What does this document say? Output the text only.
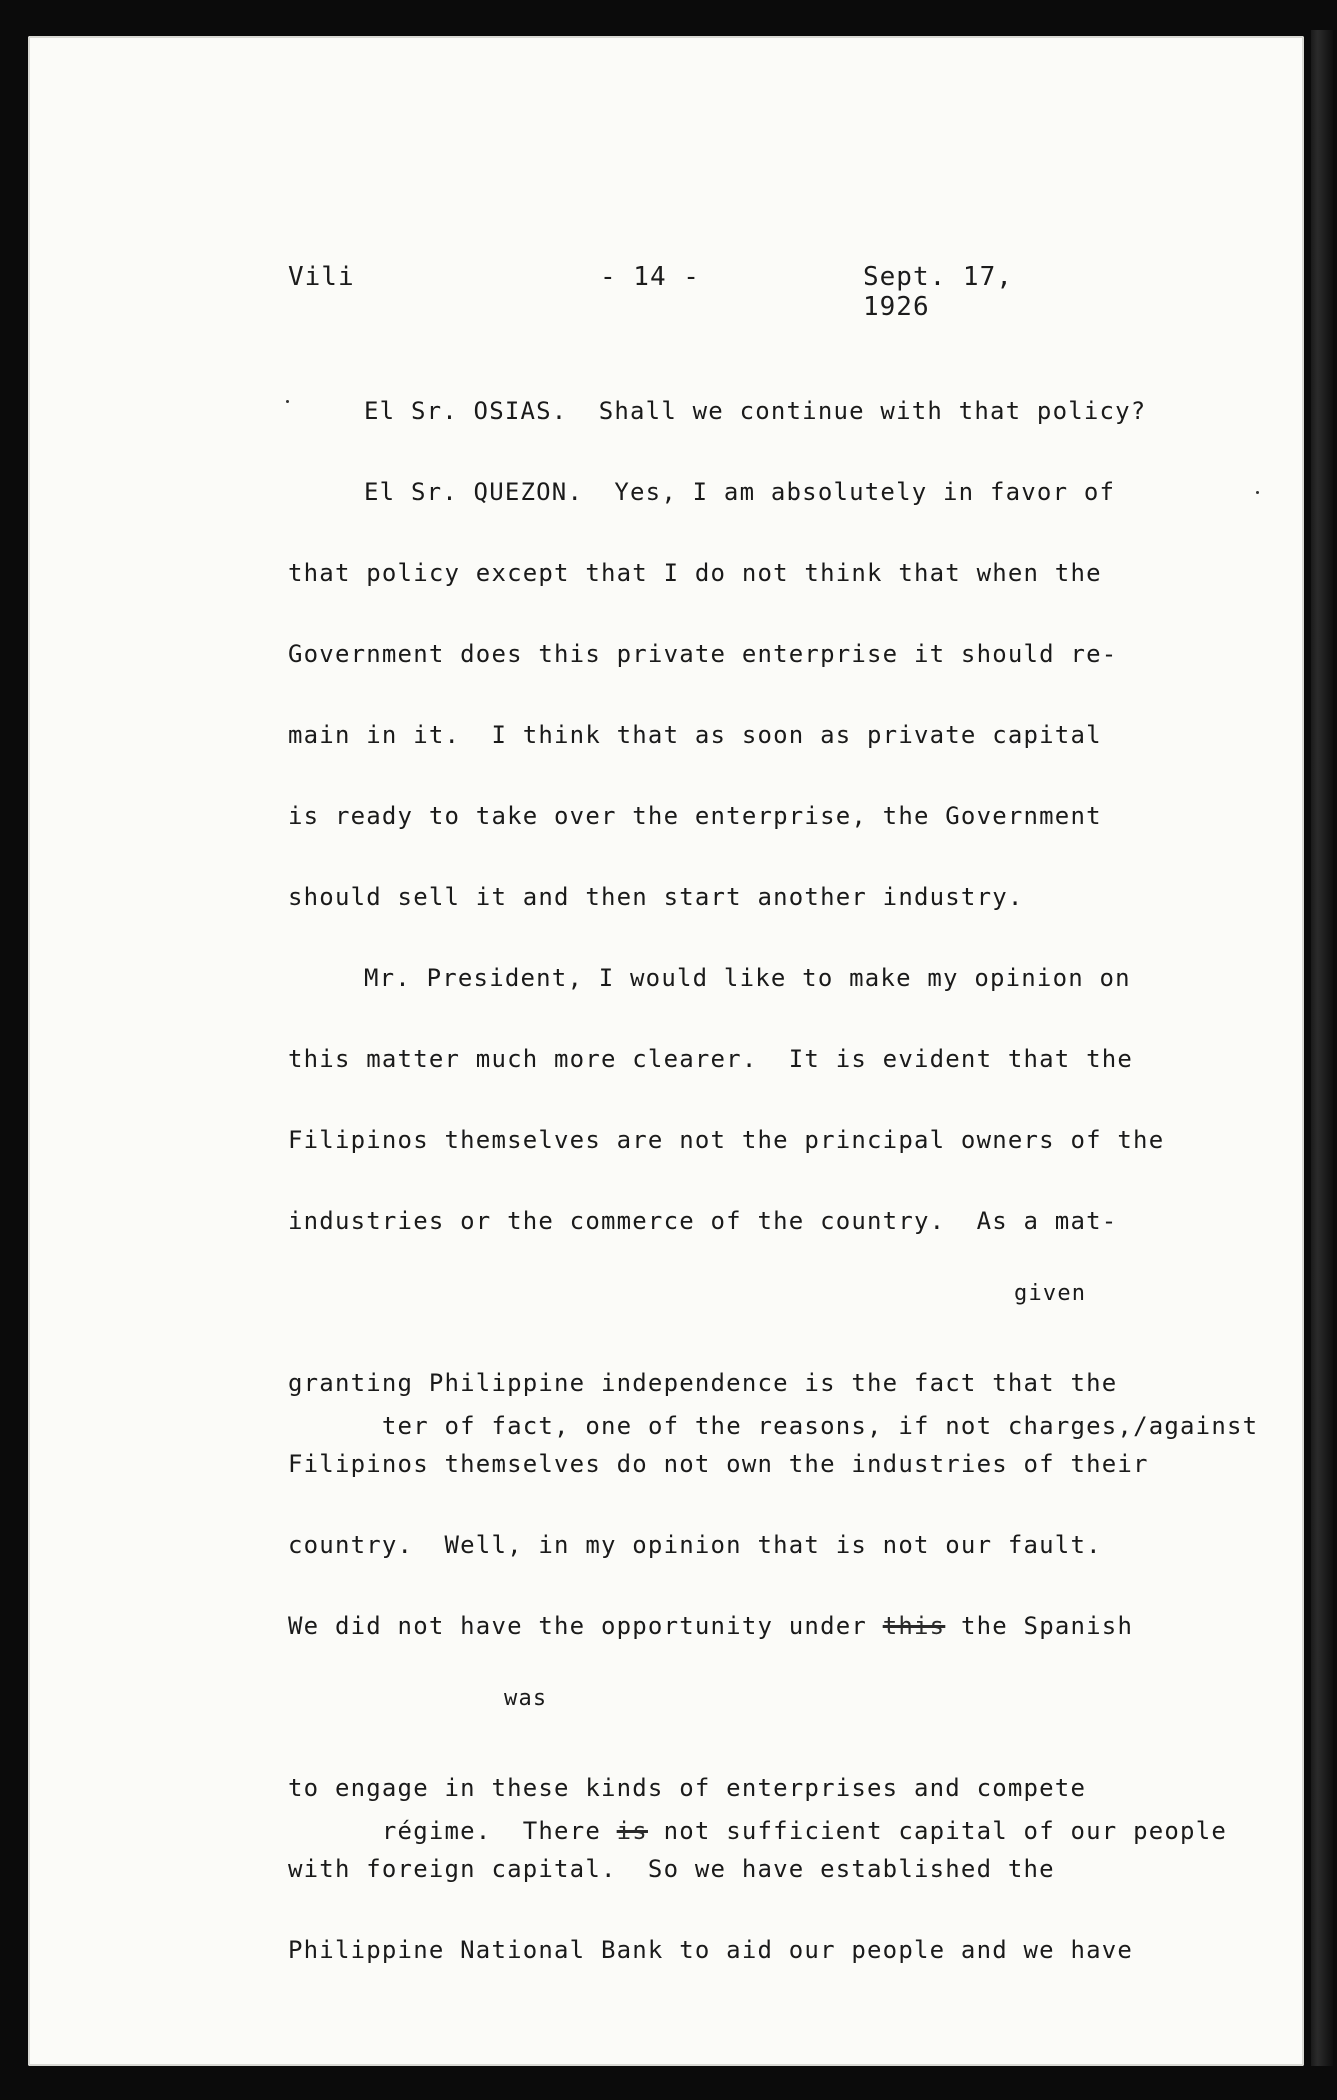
Vili	- 14 -	Sept. 17, 1926
El Sr. OSIAS.  Shall we continue with that policy?
El Sr. QUEZON.  Yes, I am absolutely in favor of
that policy except that I do not think that when the
Government does this private enterprise it should re-
main in it.  I think that as soon as private capital
is ready to take over the enterprise, the Government
should sell it and then start another industry.
Mr. President, I would like to make my opinion on
this matter much more clearer.  It is evident that the
Filipinos themselves are not the principal owners of the
industries or the commerce of the country.  As a mat-

given

ter of fact, one of the reasons, if not charges,/against

granting Philippine independence is the fact that the
Filipinos themselves do not own the industries of their
country.  Well, in my opinion that is not our fault.
We did not have the opportunity under this the Spanish

was

régime.  There is not sufficient capital of our people

to engage in these kinds of enterprises and compete
with foreign capital.  So we have established the
Philippine National Bank to aid our people and we have
